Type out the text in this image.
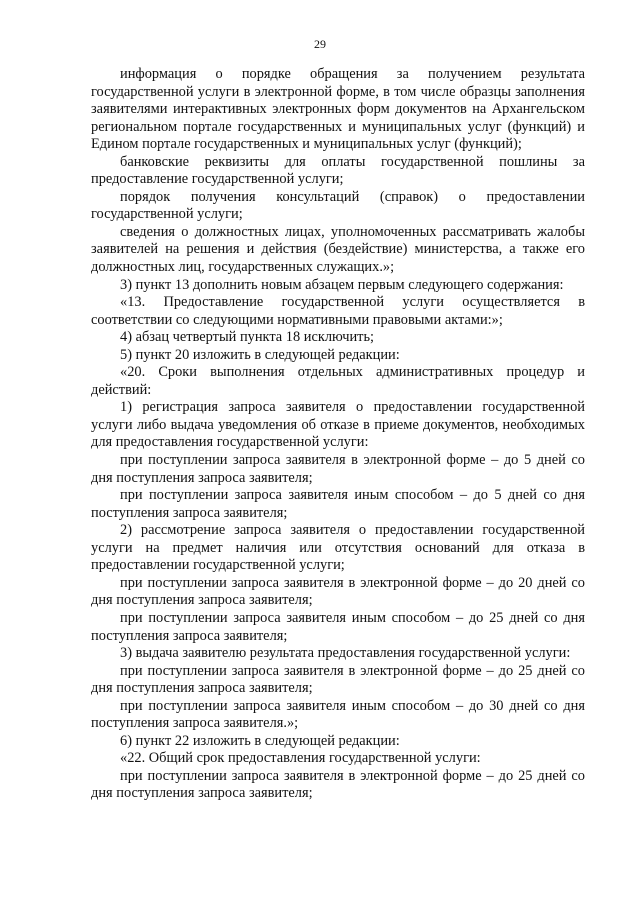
29

информация о порядке обращения за получением результата государственной услуги в электронной форме, в том числе образцы заполнения заявителями интерактивных электронных форм документов на Архангельском региональном портале государственных и муниципальных услуг (функций) и Едином портале государственных и муниципальных услуг (функций);

банковские реквизиты для оплаты государственной пошлины за предоставление государственной услуги;

порядок получения консультаций (справок) о предоставлении государственной услуги;

сведения о должностных лицах, уполномоченных рассматривать жалобы заявителей на решения и действия (бездействие) министерства, а также его должностных лиц, государственных служащих.»;

3) пункт 13 дополнить новым абзацем первым следующего содержания:

«13. Предоставление государственной услуги осуществляется в соответствии со следующими нормативными правовыми актами:»;

4) абзац четвертый пункта 18 исключить;

5) пункт 20 изложить в следующей редакции:

«20. Сроки выполнения отдельных административных процедур и действий:

1) регистрация запроса заявителя о предоставлении государственной услуги либо выдача уведомления об отказе в приеме документов, необходимых для предоставления государственной услуги:

при поступлении запроса заявителя в электронной форме – до 5 дней со дня поступления запроса заявителя;

при поступлении запроса заявителя иным способом – до 5 дней со дня поступления запроса заявителя;

2) рассмотрение запроса заявителя о предоставлении государственной услуги на предмет наличия или отсутствия оснований для отказа в предоставлении государственной услуги;

при поступлении запроса заявителя в электронной форме – до 20 дней со дня поступления запроса заявителя;

при поступлении запроса заявителя иным способом – до 25 дней со дня поступления запроса заявителя;

3) выдача заявителю результата предоставления государственной услуги:

при поступлении запроса заявителя в электронной форме – до 25 дней со дня поступления запроса заявителя;

при поступлении запроса заявителя иным способом – до 30 дней со дня поступления запроса заявителя.»;

6) пункт 22 изложить в следующей редакции:

«22. Общий срок предоставления государственной услуги:

при поступлении запроса заявителя в электронной форме – до 25 дней со дня поступления запроса заявителя;
